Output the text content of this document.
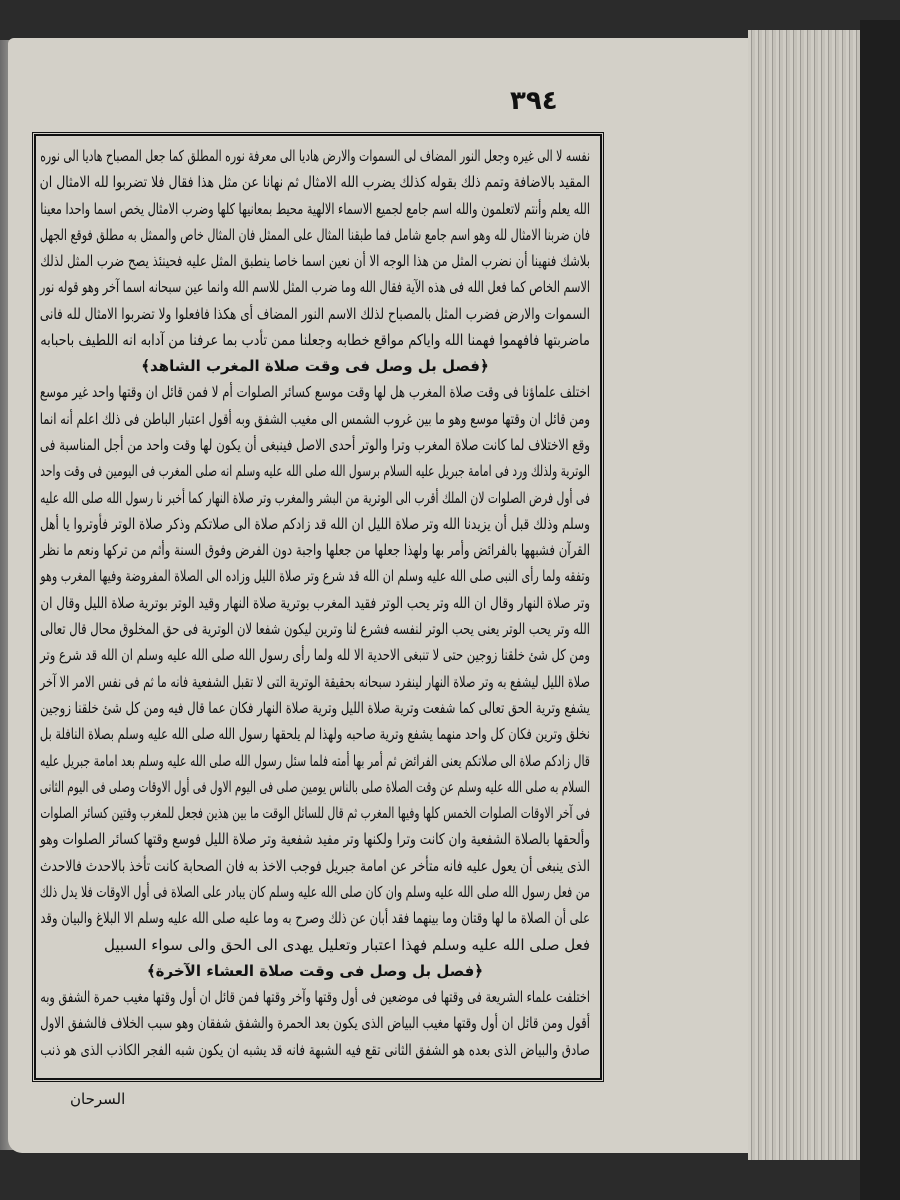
٣٩٤
نفسه لا الى غيره وجعل النور المضاف لى السموات والارض هاديا الى معرفة نوره المطلق كما جعل المصباح هاديا الى نوره
المقيد بالاضافة وتمم ذلك بقوله كذلك يضرب الله الامثال ثم نهانا عن مثل هذا فقال فلا تضربوا لله الامثال ان
الله يعلم وأنتم لاتعلمون والله اسم جامع لجميع الاسماء الالهية محيط بمعانيها كلها وضرب الامثال يخص اسما واحدا معينا
فان ضربنا الامثال لله وهو اسم جامع شامل فما طبقنا المثال على الممثل فان المثال خاص والممثل به مطلق فوقع الجهل
بلاشك فنهينا أن نضرب المثل من هذا الوجه الا أن نعين اسما خاصا ينطبق المثل عليه فحينئذ يصح ضرب المثل لذلك
الاسم الخاص كما فعل الله فى هذه الآية فقال الله وما ضرب المثل للاسم الله وانما عين سبحانه اسما آخر وهو قوله نور
السموات والارض فضرب المثل بالمصباح لذلك الاسم النور المضاف أى هكذا فافعلوا ولا تضربوا الامثال لله فانى
ماضربتها فافهموا فهمنا الله واياكم مواقع خطابه وجعلنا ممن تأدب بما عرفنا من آدابه انه اللطيف باحبابه
﴿فصل بل وصل فى وقت صلاة المغرب الشاهد﴾
اختلف علماؤنا فى وقت صلاة المغرب هل لها وقت موسع كسائر الصلوات أم لا فمن قائل ان وقتها واحد غير موسع
ومن قائل ان وقتها موسع وهو ما بين غروب الشمس الى مغيب الشفق وبه أقول اعتبار الباطن فى ذلك اعلم أنه انما
وقع الاختلاف لما كانت صلاة المغرب وترا والوتر أحدى الاصل فينبغى أن يكون لها وقت واحد من أجل المناسبة فى
الوترية ولذلك ورد فى امامة جبريل عليه السلام برسول الله صلى الله عليه وسلم انه صلى المغرب فى اليومين فى وقت واحد
فى أول فرض الصلوات لان الملك أقرب الى الوترية من البشر والمغرب وتر صلاة النهار كما أخبر نا رسول الله صلى الله عليه
وسلم وذلك قبل أن يزيدنا الله وتر صلاة الليل ان الله قد زادكم صلاة الى صلاتكم وذكر صلاة الوتر فأوتروا يا أهل
القرآن فشبهها بالفرائض وأمر بها ولهذا جعلها من جعلها واجبة دون الفرض وفوق السنة وأثم من تركها ونعم ما نظر
وتفقه ولما رأى النبى صلى الله عليه وسلم ان الله قد شرع وتر صلاة الليل وزاده الى الصلاة المفروضة وفيها المغرب وهو
وتر صلاة النهار وقال ان الله وتر يحب الوتر فقيد المغرب بوترية صلاة النهار وقيد الوتر بوترية صلاة الليل وقال ان
الله وتر يحب الوتر يعنى يحب الوتر لنفسه فشرع لنا وترين ليكون شفعا لان الوترية فى حق المخلوق محال قال تعالى
ومن كل شئ خلقنا زوجين حتى لا تنبغى الاحدية الا لله ولما رأى رسول الله صلى الله عليه وسلم ان الله قد شرع وتر
صلاة الليل ليشفع به وتر صلاة النهار لينفرد سبحانه بحقيقة الوترية التى لا تقبل الشفعية فانه ما ثم فى نفس الامر الا آخر
يشفع وترية الحق تعالى كما شفعت وترية صلاة الليل وترية صلاة النهار فكان عما قال فيه ومن كل شئ خلقنا زوجين
نخلق وترين فكان كل واحد منهما يشفع وترية صاحبه ولهذا لم يلحقها رسول الله صلى الله عليه وسلم بصلاة النافلة بل
قال زادكم صلاة الى صلاتكم يعنى الفرائض ثم أمر بها أمته فلما سئل رسول الله صلى الله عليه وسلم بعد امامة جبريل عليه
السلام به صلى الله عليه وسلم عن وقت الصلاة صلى بالناس يومين صلى فى اليوم الاول فى أول الاوقات وصلى فى اليوم الثانى
فى آخر الاوقات الصلوات الخمس كلها وفيها المغرب ثم قال للسائل الوقت ما بين هذين فجعل للمغرب وقتين كسائر الصلوات
وألحقها بالصلاة الشفعية وان كانت وترا ولكنها وتر مفيد شفعية وتر صلاة الليل فوسع وقتها كسائر الصلوات وهو
الذى ينبغى أن يعول عليه فانه متأخر عن امامة جبريل فوجب الاخذ به فان الصحابة كانت تأخذ بالاحدث فالاحدث
من فعل رسول الله صلى الله عليه وسلم وان كان صلى الله عليه وسلم كان يبادر على الصلاة فى أول الاوقات فلا يدل ذلك
على أن الصلاة ما لها وقتان وما بينهما فقد أبان عن ذلك وصرح به وما عليه صلى الله عليه وسلم الا البلاغ والبيان وقد
فعل صلى الله عليه وسلم فهذا اعتبار وتعليل يهدى الى الحق والى سواء السبيل
﴿فصل بل وصل فى وقت صلاة العشاء الآخرة﴾
اختلفت علماء الشريعة فى وقتها فى موضعين فى أول وقتها وآخر وقتها فمن قائل ان أول وقتها مغيب حمرة الشفق وبه
أقول ومن قائل ان أول وقتها مغيب البياض الذى يكون بعد الحمرة والشفق شفقان وهو سبب الخلاف فالشفق الاول
صادق والبياض الذى بعده هو الشفق الثانى تقع فيه الشبهة فانه قد يشبه ان يكون شبه الفجر الكاذب الذى هو ذنب
السرحان
